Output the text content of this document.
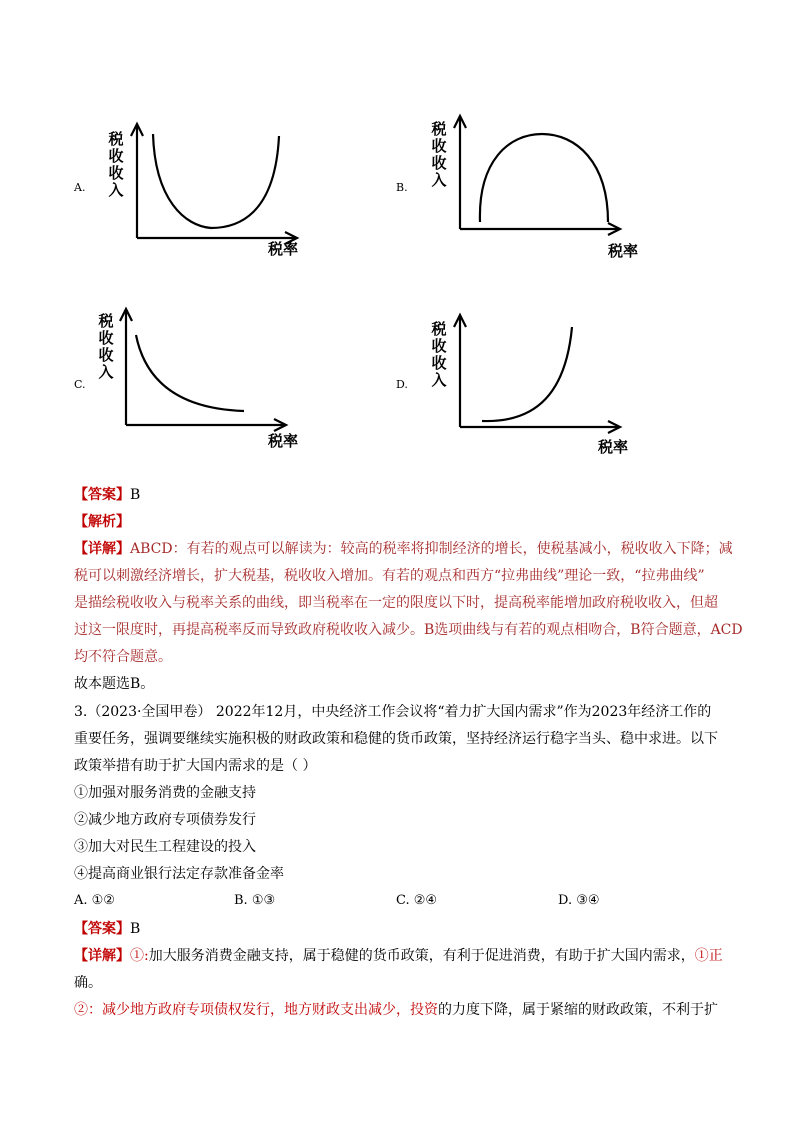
A.
税
收
收
入
税率
B.
税
收
收
入
税率
C.
税
收
收
入
税率
D.
税
收
收
入
税率
【答案】B
【解析】
【详解】ABCD：有若的观点可以解读为：较高的税率将抑制经济的增长，使税基减小，税收收入下降；减
税可以刺激经济增长，扩大税基，税收收入增加。有若的观点和西方“拉弗曲线”理论一致，“拉弗曲线”
是描绘税收收入与税率关系的曲线，即当税率在一定的限度以下时，提高税率能增加政府税收收入，但超
过这一限度时，再提高税率反而导致政府税收收入减少。B选项曲线与有若的观点相吻合，B符合题意，ACD
均不符合题意。
故本题选B。
3.（2023·全国甲卷） 2022年12月，中央经济工作会议将“着力扩大国内需求”作为2023年经济工作的
重要任务，强调要继续实施积极的财政政策和稳健的货币政策，坚持经济运行稳字当头、稳中求进。以下
政策举措有助于扩大国内需求的是（ ）
①加强对服务消费的金融支持
②减少地方政府专项债券发行
③加大对民生工程建设的投入
④提高商业银行法定存款准备金率
A. ①②	B. ①③	C. ②④	D. ③④
【答案】B
【详解】①:加大服务消费金融支持，属于稳健的货币政策，有利于促进消费，有助于扩大国内需求，①正
确。
②：减少地方政府专项债权发行，地方财政支出减少，投资的力度下降，属于紧缩的财政政策，不利于扩
